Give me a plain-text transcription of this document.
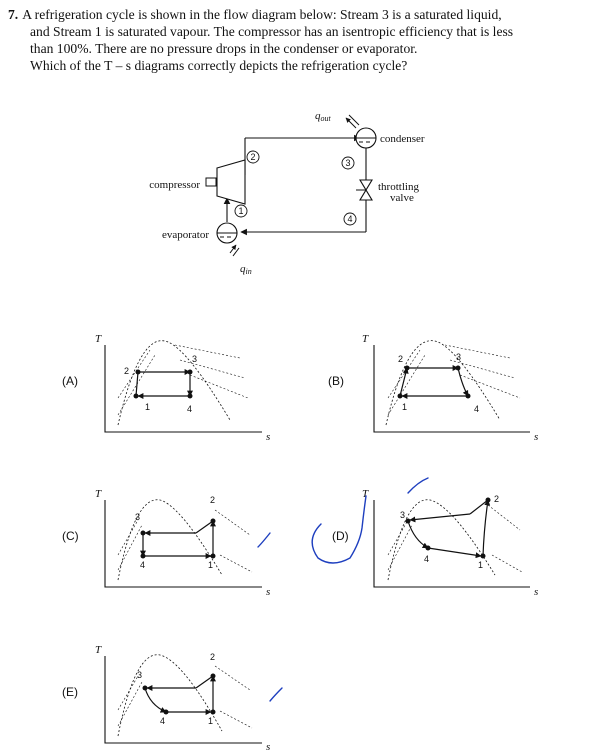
7. A refrigeration cycle is shown in the flow diagram below: Stream 3 is a saturated liquid,
and Stream 1 is saturated vapour. The compressor has an isentropic efficiency that is less
than 100%. There are no pressure drops in the condenser or evaporator.
Which of the T – s diagrams correctly depicts the refrigeration cycle?
compressor
condenser
qout
throttling
valve
evaporator
qin
1
2
3
4
(A)
T
s
1
2
3
4
(B)
T
s
1
2	3
4
(C)
T
s
1
2
3
4
(D)
T
s
1
2
3
4
(E)
T
s
1
2
3
4
